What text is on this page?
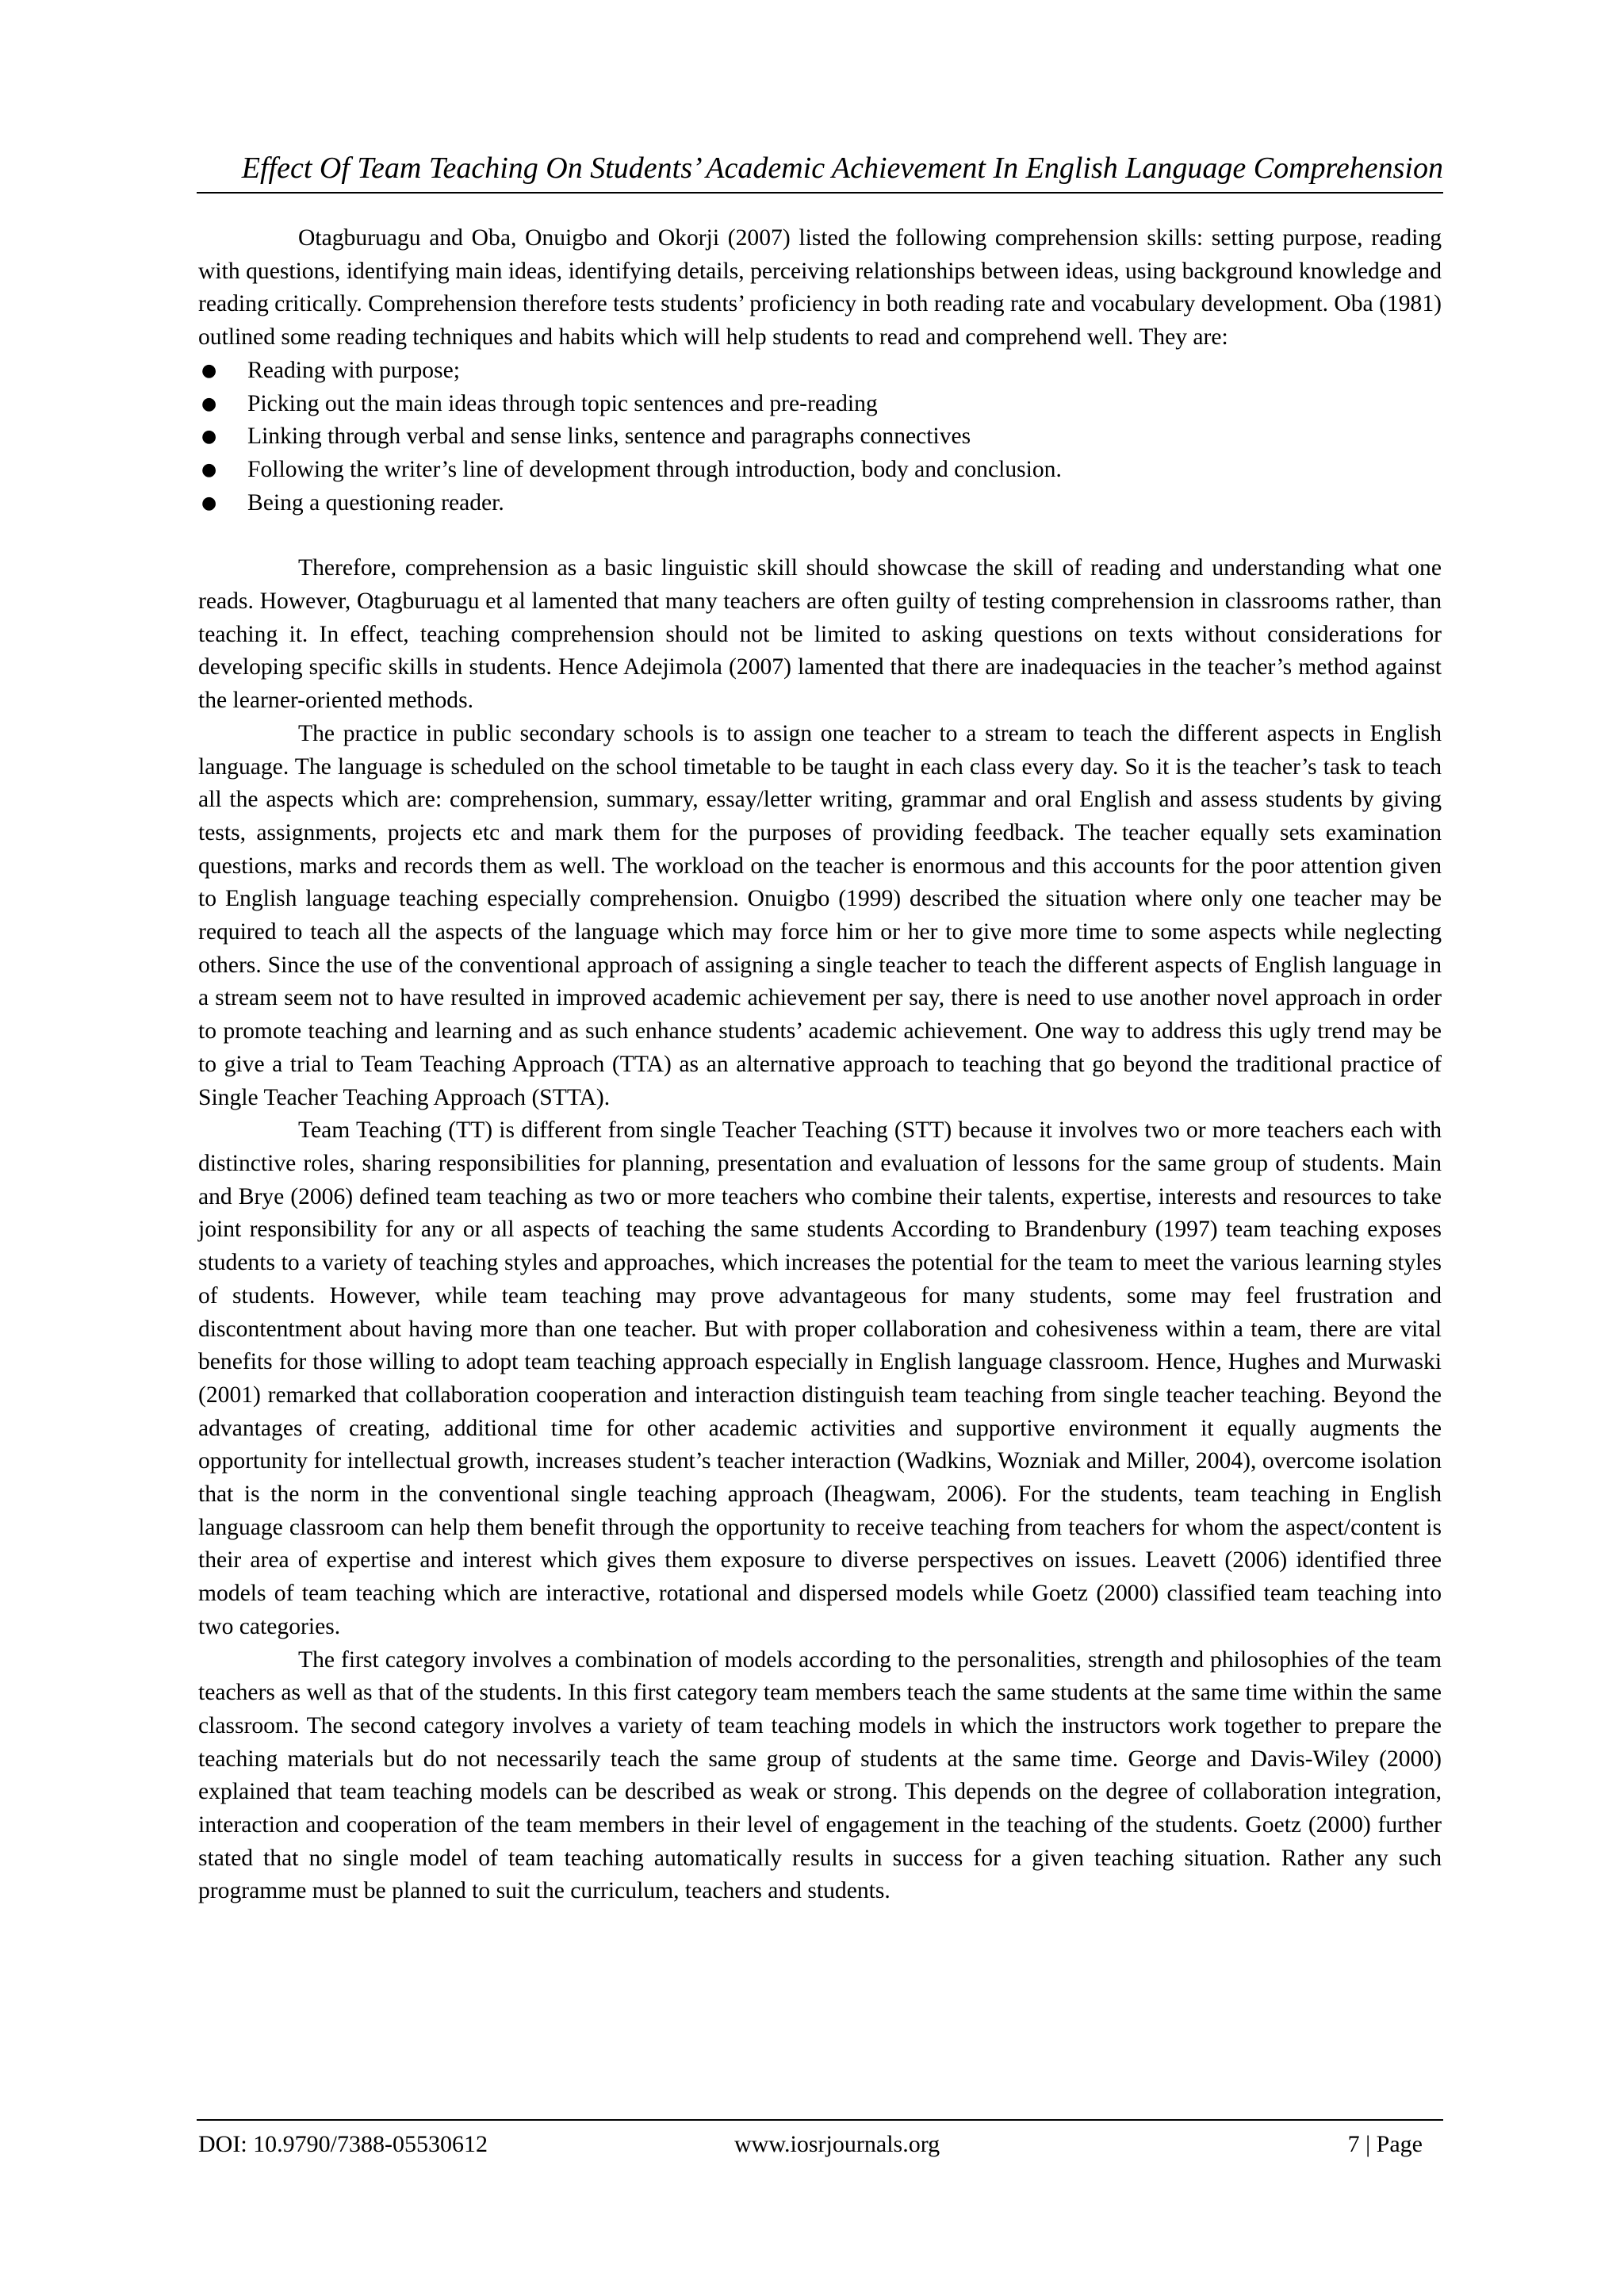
Effect Of Team Teaching On Students’ Academic Achievement In English Language Comprehension

Otagburuagu and Oba, Onuigbo and Okorji (2007) listed the following comprehension skills: setting purpose, reading with questions, identifying main ideas, identifying details, perceiving relationships between ideas, using background knowledge and reading critically. Comprehension therefore tests students’ proficiency in both reading rate and vocabulary development. Oba (1981) outlined some reading techniques and habits which will help students to read and comprehend well. They are:

● Reading with purpose;
● Picking out the main ideas through topic sentences and pre-reading
● Linking through verbal and sense links, sentence and paragraphs connectives
● Following the writer’s line of development through introduction, body and conclusion.
● Being a questioning reader.

Therefore, comprehension as a basic linguistic skill should showcase the skill of reading and understanding what one reads. However, Otagburuagu et al lamented that many teachers are often guilty of testing comprehension in classrooms rather, than teaching it. In effect, teaching comprehension should not be limited to asking questions on texts without considerations for developing specific skills in students. Hence Adejimola (2007) lamented that there are inadequacies in the teacher’s method against the learner-oriented methods.

The practice in public secondary schools is to assign one teacher to a stream to teach the different aspects in English language. The language is scheduled on the school timetable to be taught in each class every day. So it is the teacher’s task to teach all the aspects which are: comprehension, summary, essay/letter writing, grammar and oral English and assess students by giving tests, assignments, projects etc and mark them for the purposes of providing feedback. The teacher equally sets examination questions, marks and records them as well. The workload on the teacher is enormous and this accounts for the poor attention given to English language teaching especially comprehension. Onuigbo (1999) described the situation where only one teacher may be required to teach all the aspects of the language which may force him or her to give more time to some aspects while neglecting others. Since the use of the conventional approach of assigning a single teacher to teach the different aspects of English language in a stream seem not to have resulted in improved academic achievement per say, there is need to use another novel approach in order to promote teaching and learning and as such enhance students’ academic achievement. One way to address this ugly trend may be to give a trial to Team Teaching Approach (TTA) as an alternative approach to teaching that go beyond the traditional practice of Single Teacher Teaching Approach (STTA).

Team Teaching (TT) is different from single Teacher Teaching (STT) because it involves two or more teachers each with distinctive roles, sharing responsibilities for planning, presentation and evaluation of lessons for the same group of students. Main and Brye (2006) defined team teaching as two or more teachers who combine their talents, expertise, interests and resources to take joint responsibility for any or all aspects of teaching the same students According to Brandenbury (1997) team teaching exposes students to a variety of teaching styles and approaches, which increases the potential for the team to meet the various learning styles of students. However, while team teaching may prove advantageous for many students, some may feel frustration and discontentment about having more than one teacher. But with proper collaboration and cohesiveness within a team, there are vital benefits for those willing to adopt team teaching approach especially in English language classroom. Hence, Hughes and Murwaski (2001) remarked that collaboration cooperation and interaction distinguish team teaching from single teacher teaching. Beyond the advantages of creating, additional time for other academic activities and supportive environment it equally augments the opportunity for intellectual growth, increases student’s teacher interaction (Wadkins, Wozniak and Miller, 2004), overcome isolation that is the norm in the conventional single teaching approach (Iheagwam, 2006). For the students, team teaching in English language classroom can help them benefit through the opportunity to receive teaching from teachers for whom the aspect/content is their area of expertise and interest which gives them exposure to diverse perspectives on issues. Leavett (2006) identified three models of team teaching which are interactive, rotational and dispersed models while Goetz (2000) classified team teaching into two categories.

The first category involves a combination of models according to the personalities, strength and philosophies of the team teachers as well as that of the students. In this first category team members teach the same students at the same time within the same classroom. The second category involves a variety of team teaching models in which the instructors work together to prepare the teaching materials but do not necessarily teach the same group of students at the same time. George and Davis-Wiley (2000) explained that team teaching models can be described as weak or strong. This depends on the degree of collaboration integration, interaction and cooperation of the team members in their level of engagement in the teaching of the students. Goetz (2000) further stated that no single model of team teaching automatically results in success for a given teaching situation. Rather any such programme must be planned to suit the curriculum, teachers and students.

DOI: 10.9790/7388-05530612	www.iosrjournals.org	7 | Page
